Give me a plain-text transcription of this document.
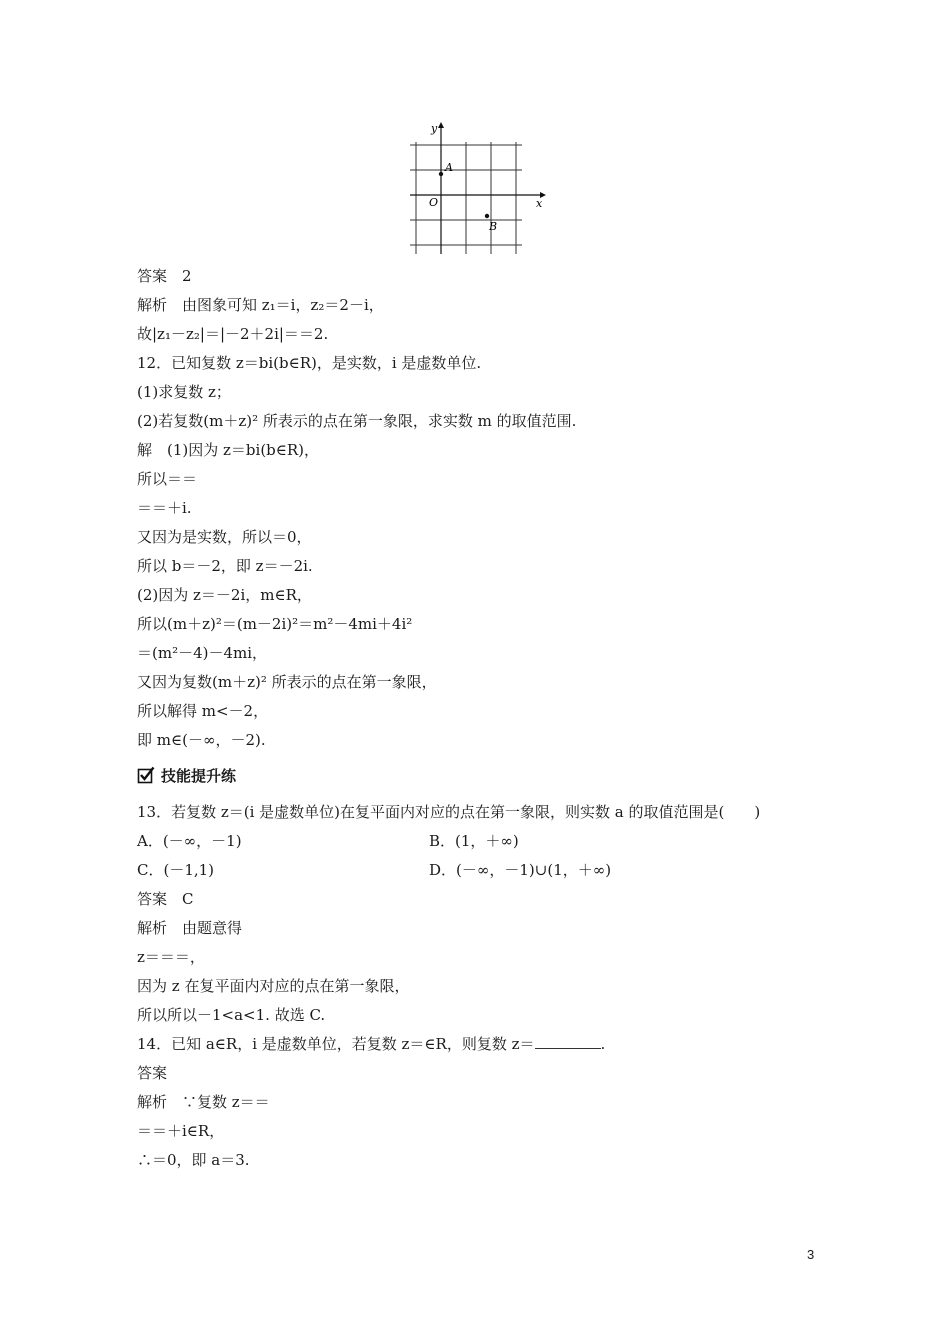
x
y
O
A
B
答案　2
解析　由图象可知 z₁＝i，z₂＝2－i，
故|z₁－z₂|＝|－2＋2i|＝＝2.
12．已知复数 z＝bi(b∈R)，是实数，i 是虚数单位.
(1)求复数 z；
(2)若复数(m＋z)² 所表示的点在第一象限，求实数 m 的取值范围.
解　(1)因为 z＝bi(b∈R)，
所以＝＝
＝＝＋i.
又因为是实数，所以＝0，
所以 b＝－2，即 z＝－2i.
(2)因为 z＝－2i，m∈R，
所以(m＋z)²＝(m－2i)²＝m²－4mi＋4i²
＝(m²－4)－4mi，
又因为复数(m＋z)² 所表示的点在第一象限，
所以解得 m<－2，
即 m∈(－∞，－2).
技能提升练
13．若复数 z＝(i 是虚数单位)在复平面内对应的点在第一象限，则实数 a 的取值范围是(　　)
A．(－∞，－1)	B．(1，＋∞)
C．(－1,1)	D．(－∞，－1)∪(1，＋∞)
答案　C
解析　由题意得
z＝＝＝，
因为 z 在复平面内对应的点在第一象限，
所以所以－1<a<1. 故选 C.
14．已知 a∈R，i 是虚数单位，若复数 z＝∈R，则复数 z＝	.
答案
解析　∵复数 z＝＝
＝＝＋i∈R，
∴＝0，即 a＝3.
3
